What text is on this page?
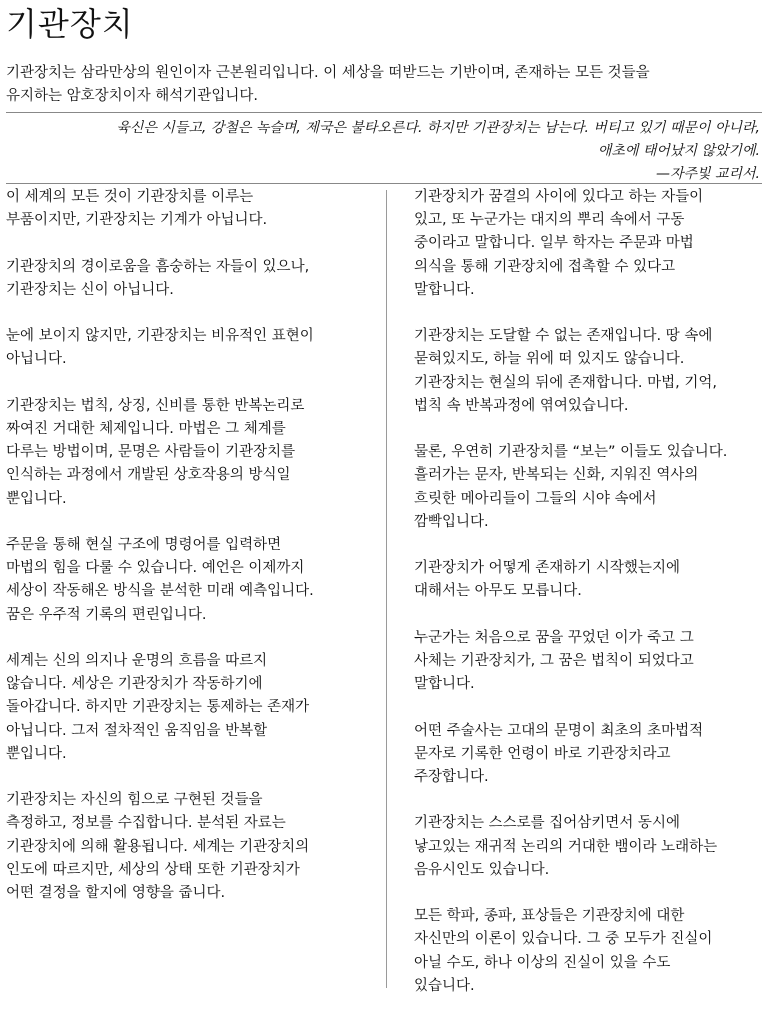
기관장치

기관장치는 삼라만상의 원인이자 근본원리입니다. 이 세상을 떠받드는 기반이며, 존재하는 모든 것들을
유지하는 암호장치이자 해석기관입니다.

육신은 시들고, 강철은 녹슬며, 제국은 불타오른다. 하지만 기관장치는 남는다. 버티고 있기 때문이 아니라,
애초에 태어났지 않았기에.
—자주빛 교리서.

이 세계의 모든 것이 기관장치를 이루는
부품이지만, 기관장치는 기계가 아닙니다.

기관장치의 경이로움을 흠숭하는 자들이 있으나,
기관장치는 신이 아닙니다.

눈에 보이지 않지만, 기관장치는 비유적인 표현이
아닙니다.

기관장치는 법칙, 상징, 신비를 통한 반복논리로
짜여진 거대한 체제입니다. 마법은 그 체계를
다루는 방법이며, 문명은 사람들이 기관장치를
인식하는 과정에서 개발된 상호작용의 방식일
뿐입니다.

주문을 통해 현실 구조에 명령어를 입력하면
마법의 힘을 다룰 수 있습니다. 예언은 이제까지
세상이 작동해온 방식을 분석한 미래 예측입니다.
꿈은 우주적 기록의 편린입니다.

세계는 신의 의지나 운명의 흐름을 따르지
않습니다. 세상은 기관장치가 작동하기에
돌아갑니다. 하지만 기관장치는 통제하는 존재가
아닙니다. 그저 절차적인 움직임을 반복할
뿐입니다.

기관장치는 자신의 힘으로 구현된 것들을
측정하고, 정보를 수집합니다. 분석된 자료는
기관장치에 의해 활용됩니다. 세계는 기관장치의
인도에 따르지만, 세상의 상태 또한 기관장치가
어떤 결정을 할지에 영향을 줍니다.

기관장치가 꿈결의 사이에 있다고 하는 자들이
있고, 또 누군가는 대지의 뿌리 속에서 구동
중이라고 말합니다. 일부 학자는 주문과 마법
의식을 통해 기관장치에 접촉할 수 있다고
말합니다.

기관장치는 도달할 수 없는 존재입니다. 땅 속에
묻혀있지도, 하늘 위에 떠 있지도 않습니다.
기관장치는 현실의 뒤에 존재합니다. 마법, 기억,
법칙 속 반복과정에 엮여있습니다.

물론, 우연히 기관장치를 “보는” 이들도 있습니다.
흘러가는 문자, 반복되는 신화, 지워진 역사의
흐릿한 메아리들이 그들의 시야 속에서
깜빡입니다.

기관장치가 어떻게 존재하기 시작했는지에
대해서는 아무도 모릅니다.

누군가는 처음으로 꿈을 꾸었던 이가 죽고 그
사체는 기관장치가, 그 꿈은 법칙이 되었다고
말합니다.

어떤 주술사는 고대의 문명이 최초의 초마법적
문자로 기록한 언령이 바로 기관장치라고
주장합니다.

기관장치는 스스로를 집어삼키면서 동시에
낳고있는 재귀적 논리의 거대한 뱀이라 노래하는
음유시인도 있습니다.

모든 학파, 종파, 표상들은 기관장치에 대한
자신만의 이론이 있습니다. 그 중 모두가 진실이
아닐 수도, 하나 이상의 진실이 있을 수도
있습니다.
